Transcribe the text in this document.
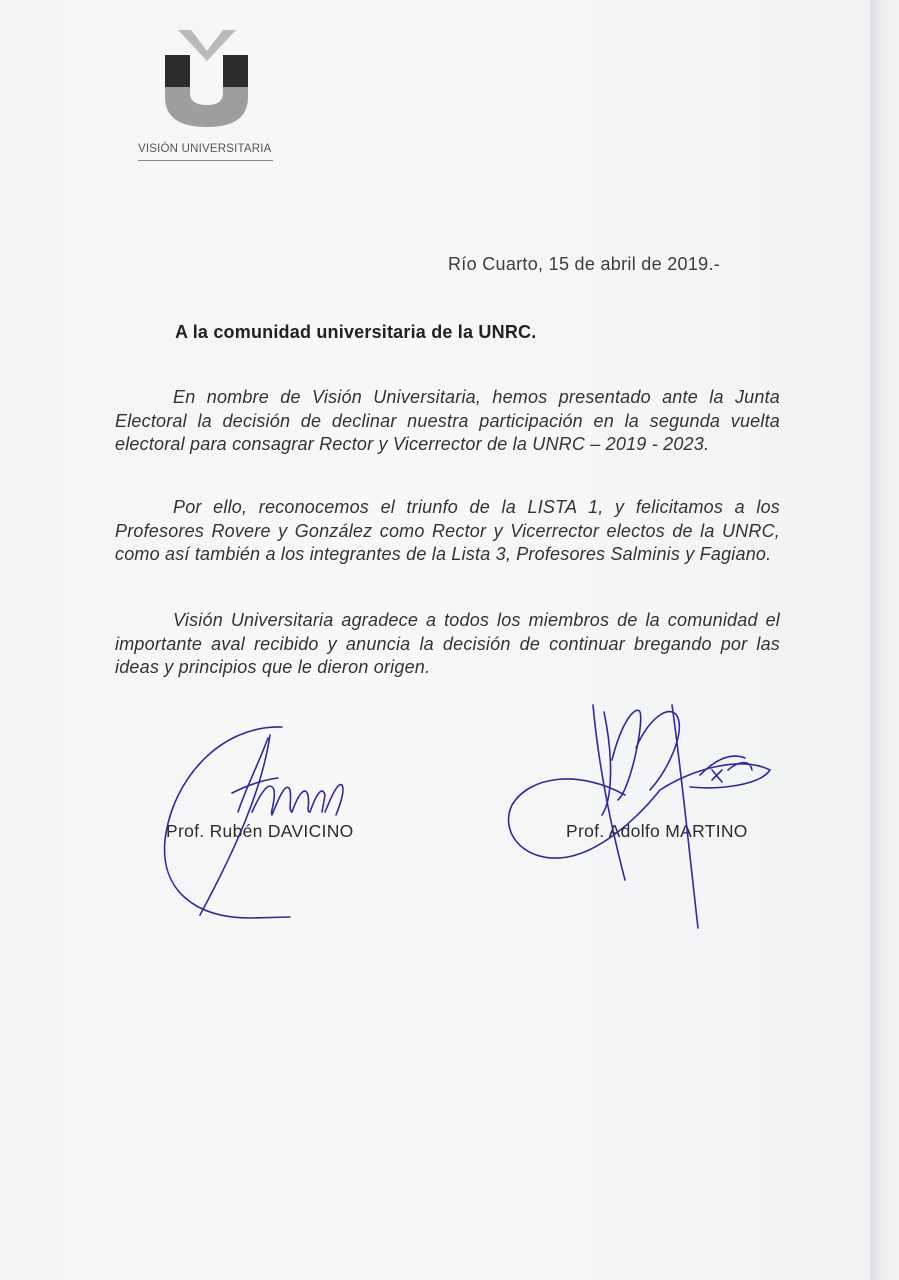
VISIÓN UNIVERSITARIA
Río Cuarto, 15 de abril de 2019.-
A la comunidad universitaria de la UNRC.

En nombre de Visión Universitaria, hemos presentado ante la Junta Electoral la decisión de declinar nuestra participación en la segunda vuelta electoral para consagrar Rector y Vicerrector de la UNRC – 2019 - 2023.

Por ello, reconocemos el triunfo de la LISTA 1, y felicitamos a los Profesores Rovere y González como Rector y Vicerrector electos de la UNRC, como así también a los integrantes de la Lista 3, Profesores Salminis y Fagiano.

Visión Universitaria agradece a todos los miembros de la comunidad el importante aval recibido y anuncia la decisión de continuar bregando por las ideas y principios que le dieron origen.

Prof. Rubén DAVICINO	Prof. Adolfo MARTINO
